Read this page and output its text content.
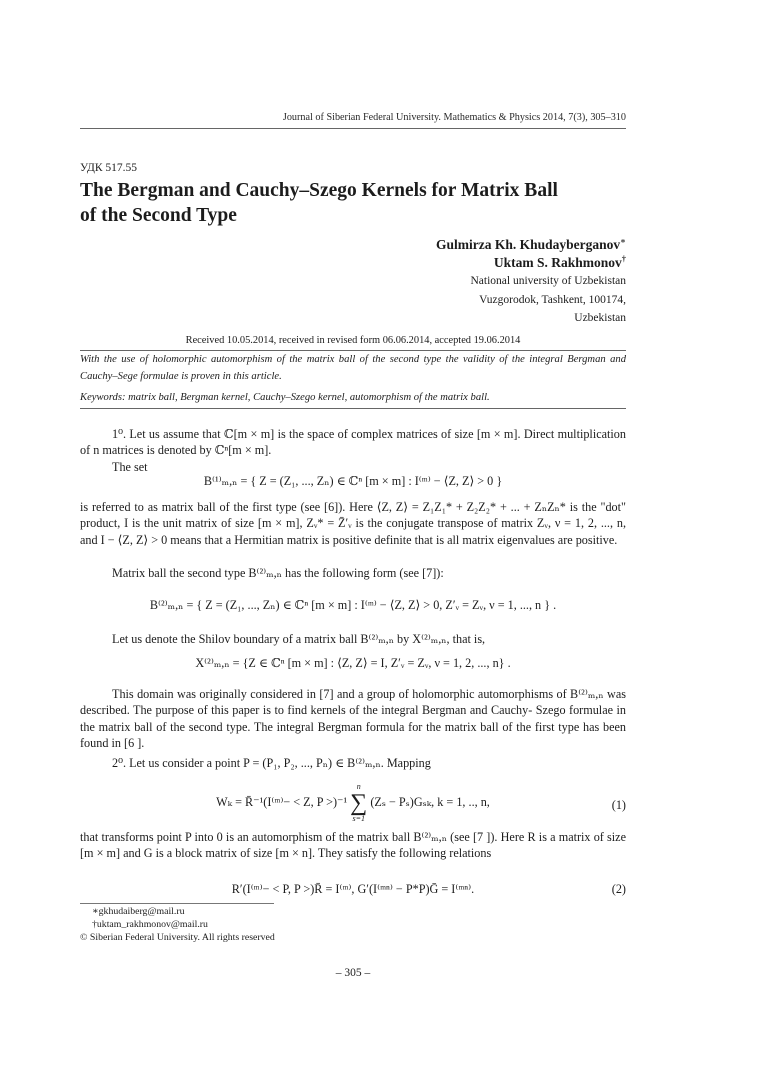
Journal of Siberian Federal University. Mathematics & Physics 2014, 7(3), 305–310
УДК 517.55
The Bergman and Cauchy–Szego Kernels for Matrix Ball
of the Second Type
Gulmirza Kh. Khudayberganov∗
Uktam S. Rakhmonov†
National university of Uzbekistan
Vuzgorodok, Tashkent, 100174,
Uzbekistan
Received 10.05.2014, received in revised form 06.06.2014, accepted 19.06.2014
With the use of holomorphic automorphism of the matrix ball of the second type the validity of the integral Bergman and Cauchy–Sege formulae is proven in this article.
Keywords: matrix ball, Bergman kernel, Cauchy–Szego kernel, automorphism of the matrix ball.
1⁰. Let us assume that ℂ[m × m] is the space of complex matrices of size [m × m]. Direct multiplication of n matrices is denoted by ℂⁿ[m × m].
The set
B⁽¹⁾ₘ,ₙ = { Z = (Z₁, ..., Zₙ) ∈ ℂⁿ [m × m] : I⁽ᵐ⁾ − ⟨Z, Z⟩ > 0 }
is referred to as matrix ball of the first type (see [6]). Here ⟨Z, Z⟩ = Z₁Z₁* + Z₂Z₂* + ... + ZₙZₙ* is the "dot" product, I is the unit matrix of size [m × m], Zᵥ* = Z̄′ᵥ is the conjugate transpose of matrix Zᵥ, ν = 1, 2, ..., n, and I − ⟨Z, Z⟩ > 0 means that a Hermitian matrix is positive definite that is all matrix eigenvalues are positive.
Matrix ball the second type B⁽²⁾ₘ,ₙ has the following form (see [7]):
B⁽²⁾ₘ,ₙ = { Z = (Z₁, ..., Zₙ) ∈ ℂⁿ [m × m] : I⁽ᵐ⁾ − ⟨Z, Z⟩ > 0, Z′ᵥ = Zᵥ, ν = 1, ..., n } .
Let us denote the Shilov boundary of a matrix ball B⁽²⁾ₘ,ₙ by X⁽²⁾ₘ,ₙ, that is,
X⁽²⁾ₘ,ₙ = {Z ∈ ℂⁿ [m × m] : ⟨Z, Z⟩ = I, Z′ᵥ = Zᵥ, ν = 1, 2, ..., n} .
This domain was originally considered in [7] and a group of holomorphic automorphisms of B⁽²⁾ₘ,ₙ was described. The purpose of this paper is to find kernels of the integral Bergman and Cauchy- Szego formulae in the matrix ball of the second type. The integral Bergman formula for the matrix ball of the first type has been found in [6 ].
2⁰. Let us consider a point P = (P₁, P₂, ..., Pₙ) ∈ B⁽²⁾ₘ,ₙ. Mapping
Wₖ = R̄⁻¹(I⁽ᵐ⁾− < Z, P >)⁻¹
n
∑
s=1
(Zₛ − Pₛ)Gₛₖ, k = 1, .., n,	(1)
that transforms point P into 0 is an automorphism of the matrix ball B⁽²⁾ₘ,ₙ (see [7 ]). Here R is a matrix of size [m × m] and G is a block matrix of size [m × n]. They satisfy the following relations
R′(I⁽ᵐ⁾− < P, P >)R̄ = I⁽ᵐ⁾, G′(I⁽ᵐⁿ⁾ − P*P)Ḡ = I⁽ᵐⁿ⁾.	(2)
∗gkhudaiberg@mail.ru
†uktam_rakhmonov@mail.ru
© Siberian Federal University. All rights reserved
– 305 –
